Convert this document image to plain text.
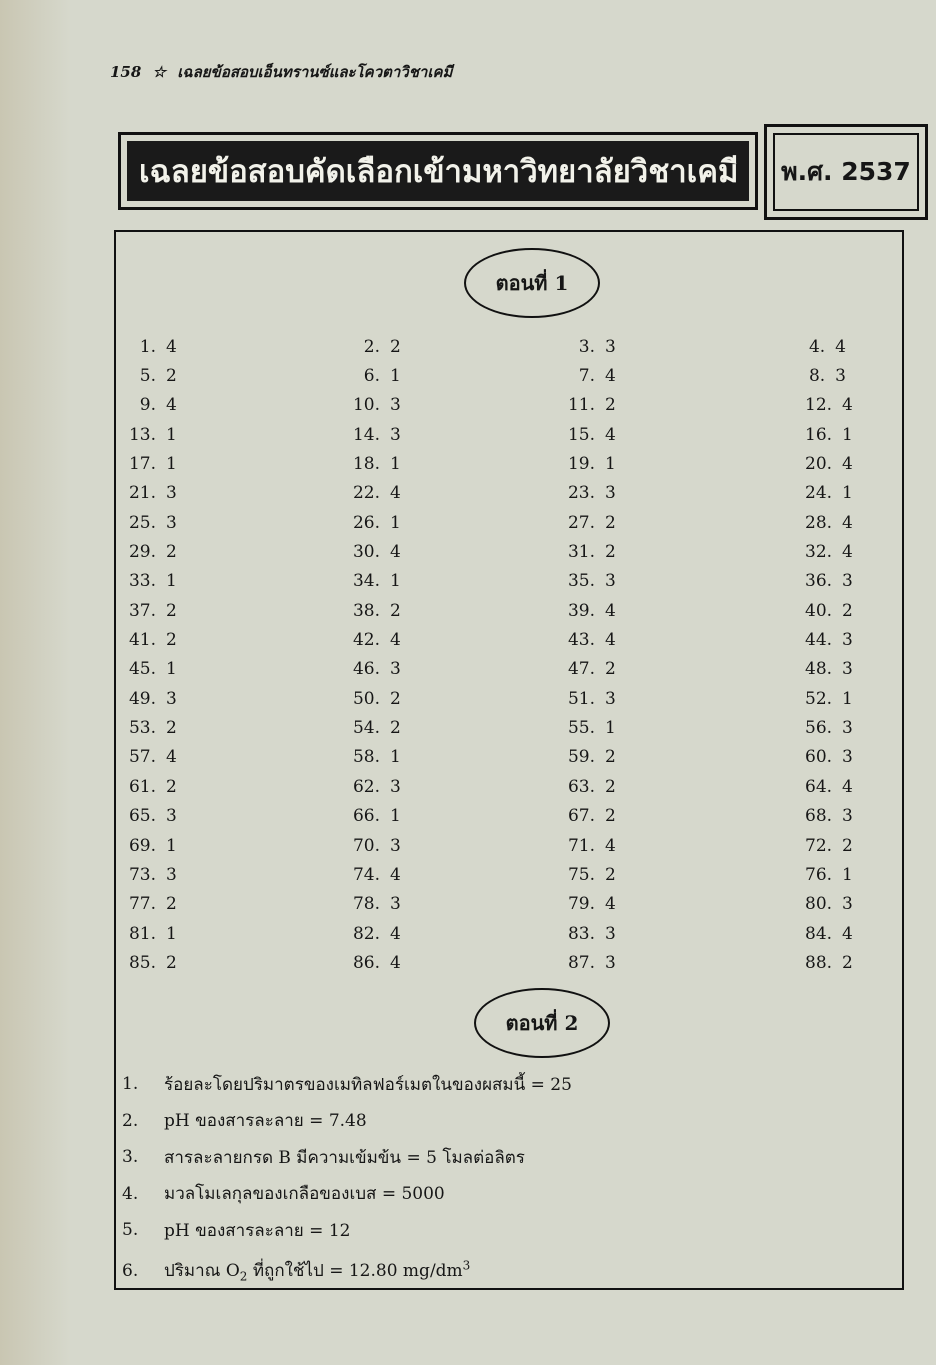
158 ☆ เฉลยข้อสอบเอ็นทรานซ์และโควตาวิชาเคมี
เฉลยข้อสอบคัดเลือกเข้ามหาวิทยาลัยวิชาเคมี	พ.ศ. 2537
ตอนที่ 1
1. 4	2. 2	3. 3	4. 4
5. 2	6. 1	7. 4	8. 3
9. 4	10. 3	11. 2	12. 4
13. 1	14. 3	15. 4	16. 1
17. 1	18. 1	19. 1	20. 4
21. 3	22. 4	23. 3	24. 1
25. 3	26. 1	27. 2	28. 4
29. 2	30. 4	31. 2	32. 4
33. 1	34. 1	35. 3	36. 3
37. 2	38. 2	39. 4	40. 2
41. 2	42. 4	43. 4	44. 3
45. 1	46. 3	47. 2	48. 3
49. 3	50. 2	51. 3	52. 1
53. 2	54. 2	55. 1	56. 3
57. 4	58. 1	59. 2	60. 3
61. 2	62. 3	63. 2	64. 4
65. 3	66. 1	67. 2	68. 3
69. 1	70. 3	71. 4	72. 2
73. 3	74. 4	75. 2	76. 1
77. 2	78. 3	79. 4	80. 3
81. 1	82. 4	83. 3	84. 4
85. 2	86. 4	87. 3	88. 2
ตอนที่ 2
1.	ร้อยละโดยปริมาตรของเมทิลฟอร์เมตในของผสมนี้ = 25
2.	pH ของสารละลาย = 7.48
3.	สารละลายกรด B มีความเข้มข้น = 5 โมลต่อลิตร
4.	มวลโมเลกุลของเกลือของเบส = 5000
5.	pH ของสารละลาย = 12
6.	ปริมาณ $O_2$ ที่ถูกใช้ไป = 12.80 $mg/dm^3$
